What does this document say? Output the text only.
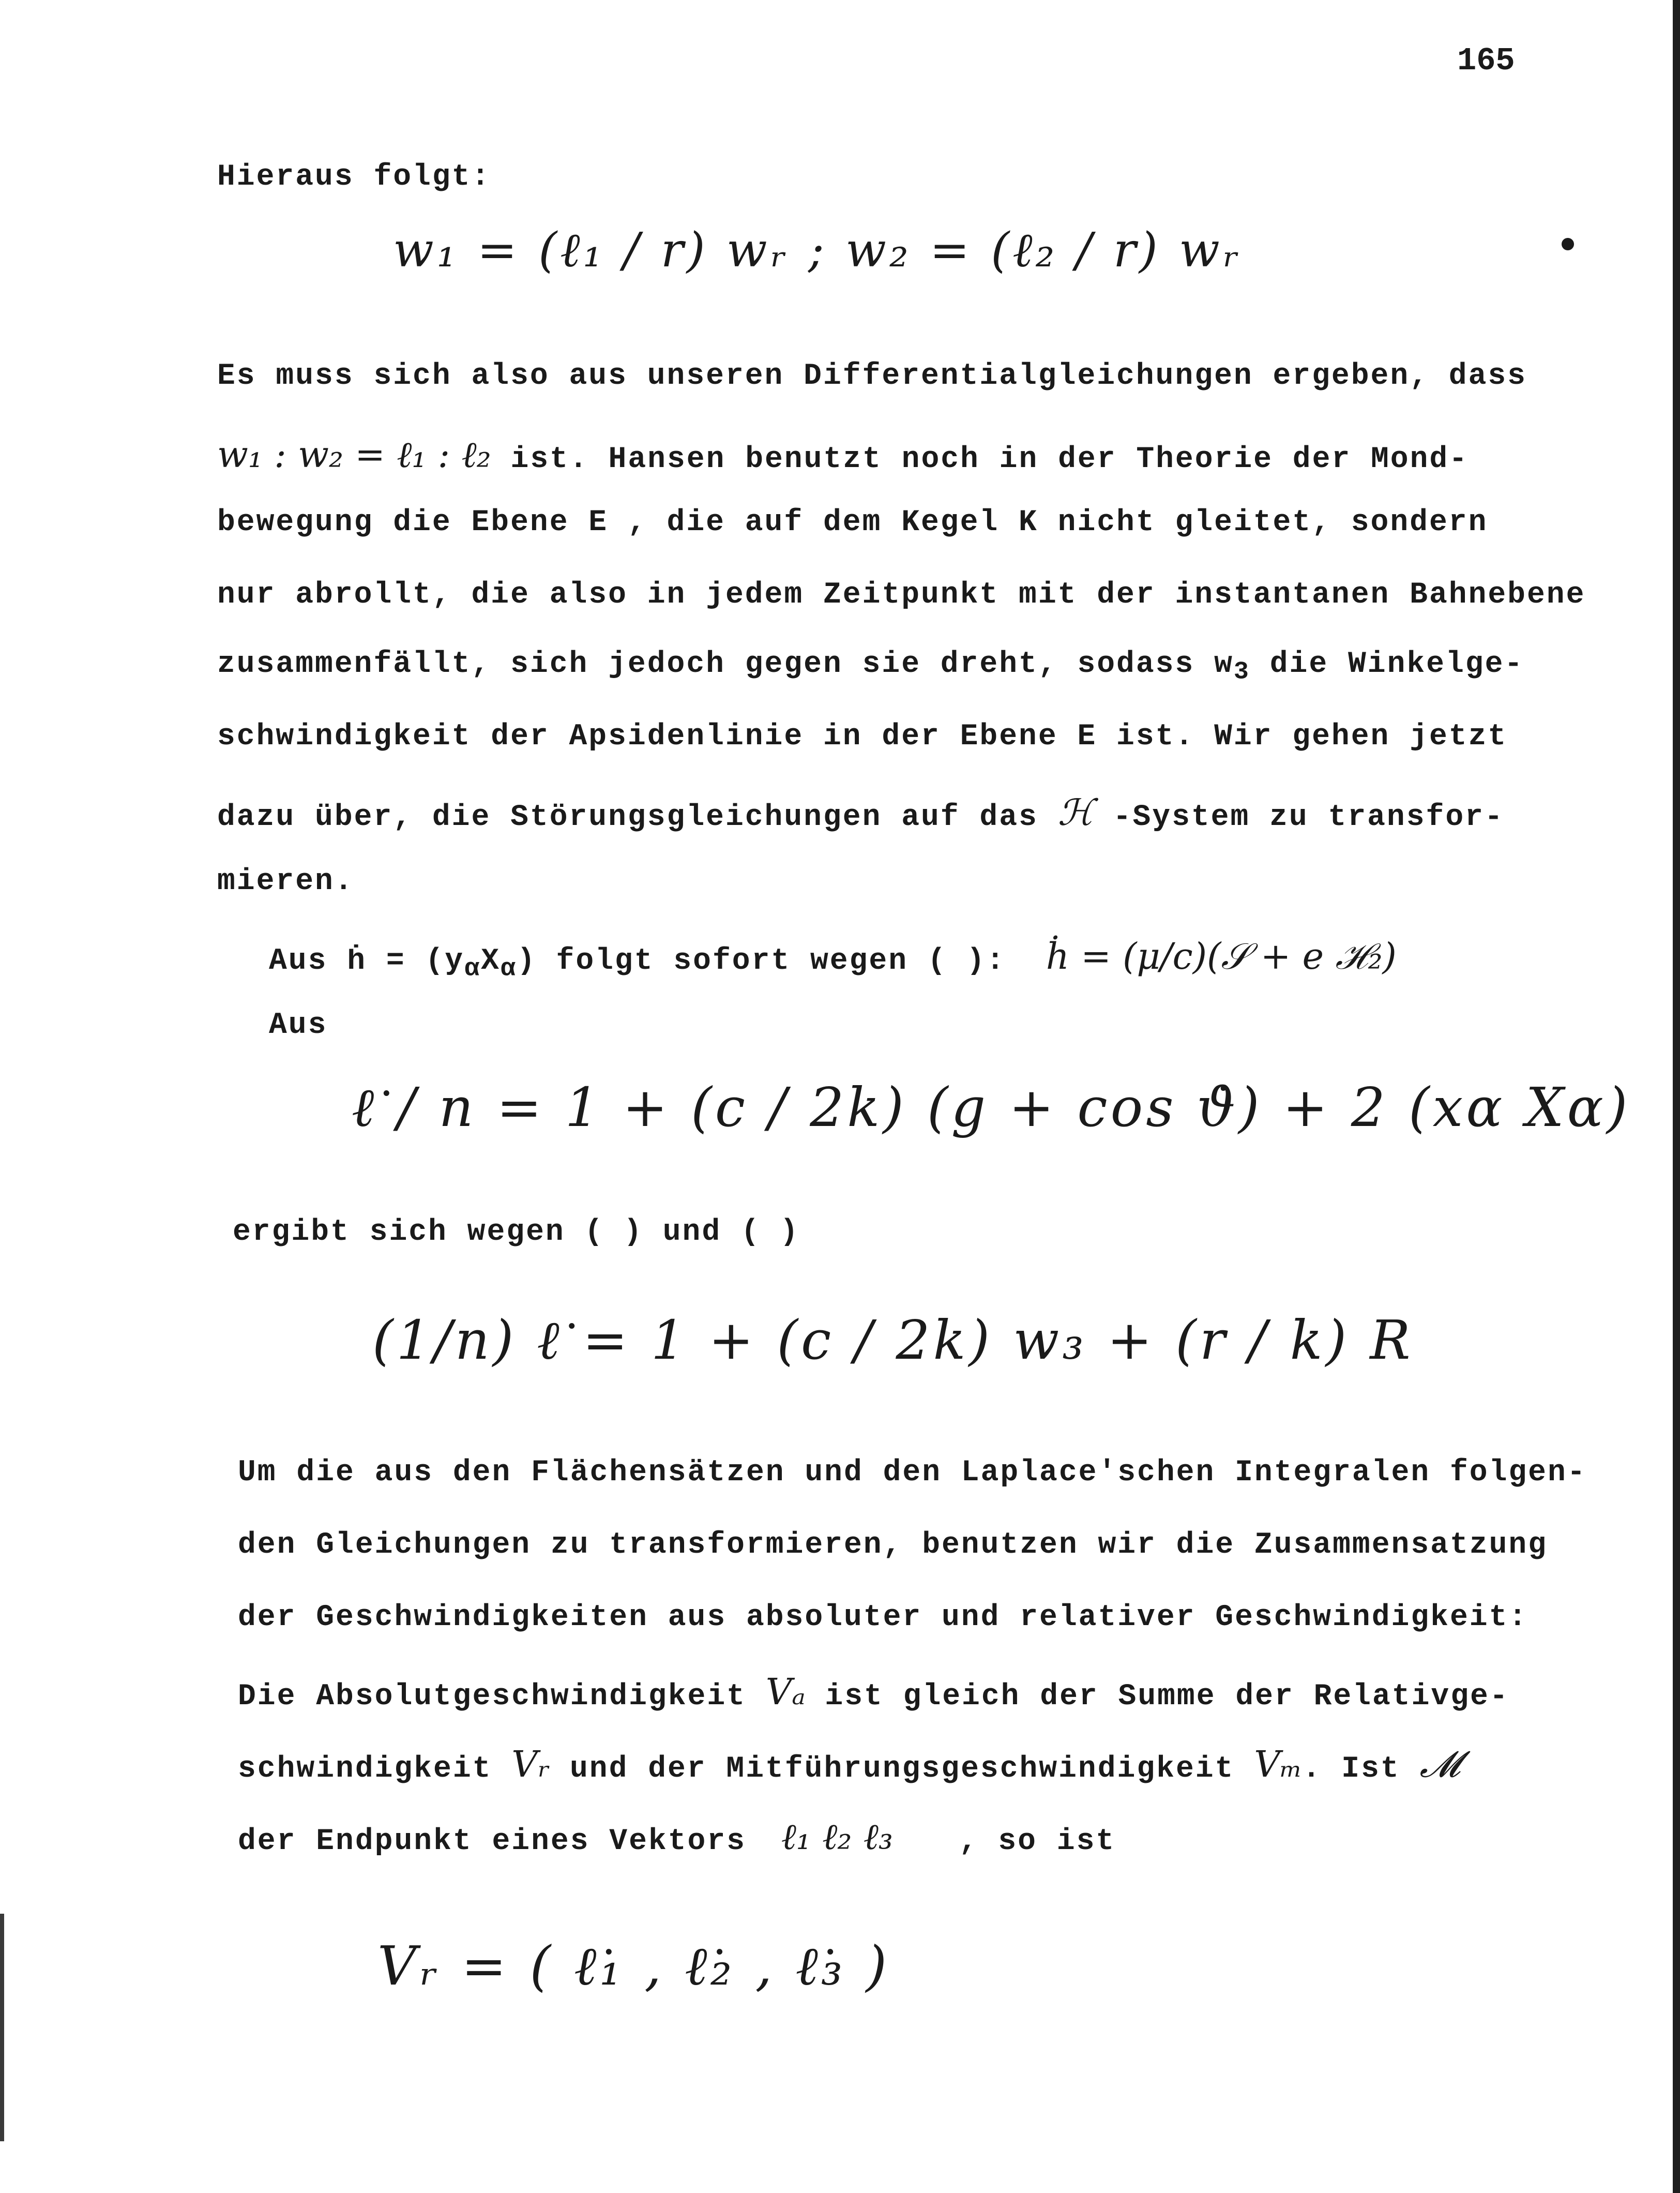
165
Hieraus folgt:
w₁ = (ℓ₁ / r) wᵣ ; w₂ = (ℓ₂ / r) wᵣ
Es muss sich also aus unseren Differentialgleichungen ergeben, dass
w₁ : w₂ = ℓ₁ : ℓ₂ ist. Hansen benutzt noch in der Theorie der Mond-
bewegung die Ebene E , die auf dem Kegel K nicht gleitet, sondern
nur abrollt, die also in jedem Zeitpunkt mit der instantanen Bahnebene
zusammenfällt, sich jedoch gegen sie dreht, sodass $w_3$ die Winkelge-
schwindigkeit der Apsidenlinie in der Ebene E ist. Wir gehen jetzt
dazu über, die Störungsgleichungen auf das ℋ -System zu transfor-
mieren.
Aus ḣ = $(y_\alpha X_\alpha)$ folgt sofort wegen ( ): ḣ = (μ/c)(𝒮 + e ℋ₂)
Aus
ℓ̇ / n = 1 + (c / 2k) (g + cos ϑ̇) + 2 (xα Xα)
ergibt sich wegen ( ) und ( )
(1/n) ℓ̇ = 1 + (c / 2k) w₃ + (r / k) R
Um die aus den Flächensätzen und den Laplace'schen Integralen folgen-
den Gleichungen zu transformieren, benutzen wir die Zusammensatzung
der Geschwindigkeiten aus absoluter und relativer Geschwindigkeit:
Die Absolutgeschwindigkeit Vₐ ist gleich der Summe der Relativge-
schwindigkeit Vᵣ und der Mitführungsgeschwindigkeit Vₘ. Ist 𝓜
der Endpunkt eines Vektors ℓ₁ ℓ₂ ℓ₃ , so ist
Vᵣ = ( ℓ̇₁ , ℓ̇₂ , ℓ̇₃ )
